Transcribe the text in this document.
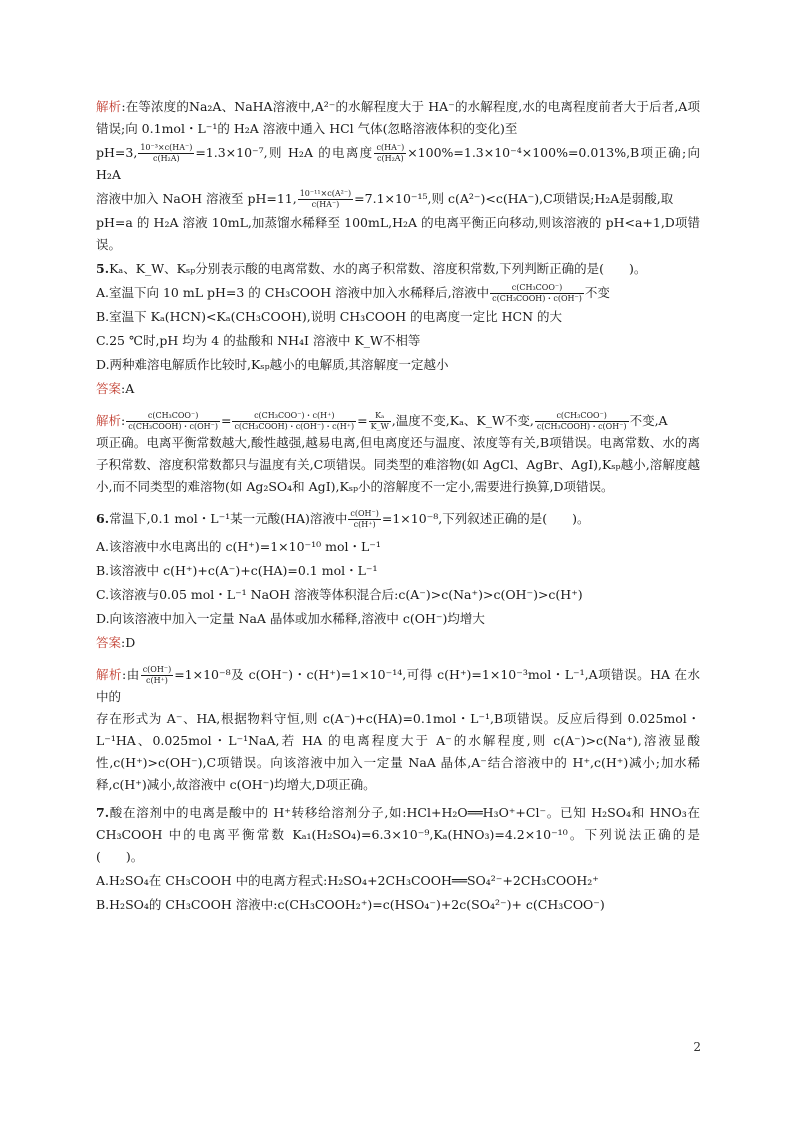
解析:在等浓度的Na₂A、NaHA溶液中,A²⁻的水解程度大于 HA⁻的水解程度,水的电离程度前者大于后者,A项错误;向 0.1mol・L⁻¹的 H₂A 溶液中通入 HCl 气体(忽略溶液体积的变化)至

pH=3, $\frac{\text{10⁻³×c(HA⁻)}}{\text{c(H₂A)}} =1.3\times 10^{-7}$,则 H₂A 的电离度 $\frac{c(HA^-)}{\text{c(H₂A)}} \times 100\%=1.3\times 10^{-4}\times 100\%=0.013\%,B$项正确;向 H₂A

溶液中加入 NaOH 溶液至 pH=11, $\frac{\text{10⁻¹¹×c(A²⁻)}}{c(HA^-)} =7.1\times 10^{-15}$,则 c(A²⁻)<c(HA⁻),C项错误;H₂A是弱酸,取

pH=a 的 H₂A 溶液 10mL,加蒸馏水稀释至 100mL,H₂A 的电离平衡正向移动,则该溶液的 pH<a+1,D项错误。

5.Kₐ、K_W、Kₛₚ分别表示酸的电离常数、水的离子积常数、溶度积常数,下列判断正确的是(　　)。

A.室温下向 10 mL pH=3 的 CH₃COOH 溶液中加入水稀释后,溶液中 $\frac{\text{c(CH₃COO⁻)}}{\text{c(CH₃COOH)・c(OH⁻)}}$ 不变

B.室温下 Kₐ(HCN)<Kₐ(CH₃COOH),说明 CH₃COOH 的电离度一定比 HCN 的大

C.25 ℃时,pH 均为 4 的盐酸和 NH₄I 溶液中 K_W不相等

D.两种难溶电解质作比较时,Kₛₚ越小的电解质,其溶解度一定越小

答案:A

解析: $\frac{\text{c(CH₃COO⁻)}}{\text{c(CH₃COOH)・c(OH⁻)}} = \frac{\text{c(CH₃COO⁻)・c(H⁺)}}{\text{c(CH₃COOH)・c(OH⁻)・c(H⁺)}} = \frac{\text{Kₐ}}{K\_W}$ ,温度不变,Kₐ、K_W不变, $\frac{\text{c(CH₃COO⁻)}}{\text{c(CH₃COOH)・c(OH⁻)}}$ 不变,A
项正确。电离平衡常数越大,酸性越强,越易电离,但电离度还与温度、浓度等有关,B项错误。电离常数、水的离子积常数、溶度积常数都只与温度有关,C项错误。同类型的难溶物(如 AgCl、AgBr、AgI),Kₛₚ越小,溶解度越小,而不同类型的难溶物(如 Ag₂SO₄和 AgI),Kₛₚ小的溶解度不一定小,需要进行换算,D项错误。

6.常温下,0.1 mol・L⁻¹某一元酸(HA)溶液中 $\frac{c(OH^-)}{c(H^+)} =1\times 10^{-8}$,下列叙述正确的是(　　)。

A.该溶液中水电离出的 c(H⁺)=1×10⁻¹⁰ mol・L⁻¹

B.该溶液中 c(H⁺)+c(A⁻)+c(HA)=0.1 mol・L⁻¹

C.该溶液与0.05 mol・L⁻¹ NaOH 溶液等体积混合后:c(A⁻)>c(Na⁺)>c(OH⁻)>c(H⁺)

D.向该溶液中加入一定量 NaA 晶体或加水稀释,溶液中 c(OH⁻)均增大

答案:D

解析:由 $\frac{c(OH^-)}{c(H^+)} =1\times 10^{-8}$及 c(OH⁻)・c(H⁺)=1×10⁻¹⁴,可得 c(H⁺)=1×10⁻³mol・L⁻¹,A项错误。HA 在水中的
存在形式为 A⁻、HA,根据物料守恒,则 c(A⁻)+c(HA)=0.1mol・L⁻¹,B项错误。反应后得到 0.025mol・L⁻¹HA、0.025mol・L⁻¹NaA,若 HA 的电离程度大于 A⁻的水解程度,则 c(A⁻)>c(Na⁺),溶液显酸性,c(H⁺)>c(OH⁻),C项错误。向该溶液中加入一定量 NaA 晶体,A⁻结合溶液中的 H⁺,c(H⁺)减小;加水稀释,c(H⁺)减小,故溶液中 c(OH⁻)均增大,D项正确。

7.酸在溶剂中的电离是酸中的 H⁺转移给溶剂分子,如:HCl+H₂O══H₃O⁺+Cl⁻。已知 H₂SO₄和 HNO₃在 CH₃COOH 中的电离平衡常数 Kₐ₁(H₂SO₄)=6.3×10⁻⁹,Kₐ(HNO₃)=4.2×10⁻¹⁰。下列说法正确的是　(　　)。

A.H₂SO₄在 CH₃COOH 中的电离方程式:H₂SO₄+2CH₃COOH══SO₄²⁻+2CH₃COOH₂⁺

B.H₂SO₄的 CH₃COOH 溶液中:c(CH₃COOH₂⁺)=c(HSO₄⁻)+2c(SO₄²⁻)+ c(CH₃COO⁻)

2
